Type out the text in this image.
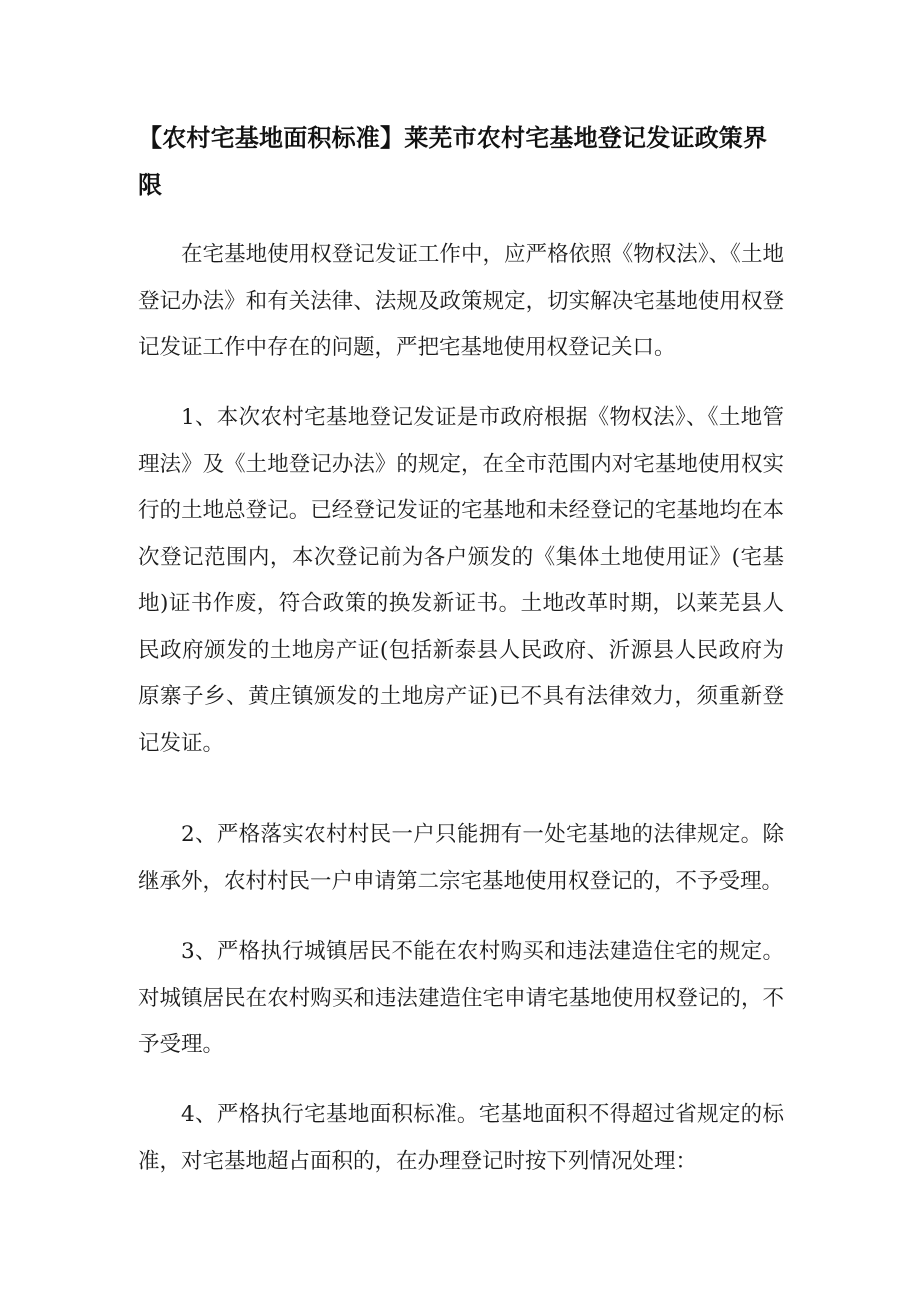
【农村宅基地面积标准】莱芜市农村宅基地登记发证政策界限

在宅基地使用权登记发证工作中，应严格依照《物权法》、《土地登记办法》和有关法律、法规及政策规定，切实解决宅基地使用权登记发证工作中存在的问题，严把宅基地使用权登记关口。

1、本次农村宅基地登记发证是市政府根据《物权法》、《土地管理法》及《土地登记办法》的规定，在全市范围内对宅基地使用权实行的土地总登记。已经登记发证的宅基地和未经登记的宅基地均在本次登记范围内，本次登记前为各户颁发的《集体土地使用证》(宅基地)证书作废，符合政策的换发新证书。土地改革时期，以莱芜县人民政府颁发的土地房产证(包括新泰县人民政府、沂源县人民政府为原寨子乡、黄庄镇颁发的土地房产证)已不具有法律效力，须重新登记发证。

2、严格落实农村村民一户只能拥有一处宅基地的法律规定。除继承外，农村村民一户申请第二宗宅基地使用权登记的，不予受理。

3、严格执行城镇居民不能在农村购买和违法建造住宅的规定。对城镇居民在农村购买和违法建造住宅申请宅基地使用权登记的，不予受理。

4、严格执行宅基地面积标准。宅基地面积不得超过省规定的标准，对宅基地超占面积的，在办理登记时按下列情况处理：
